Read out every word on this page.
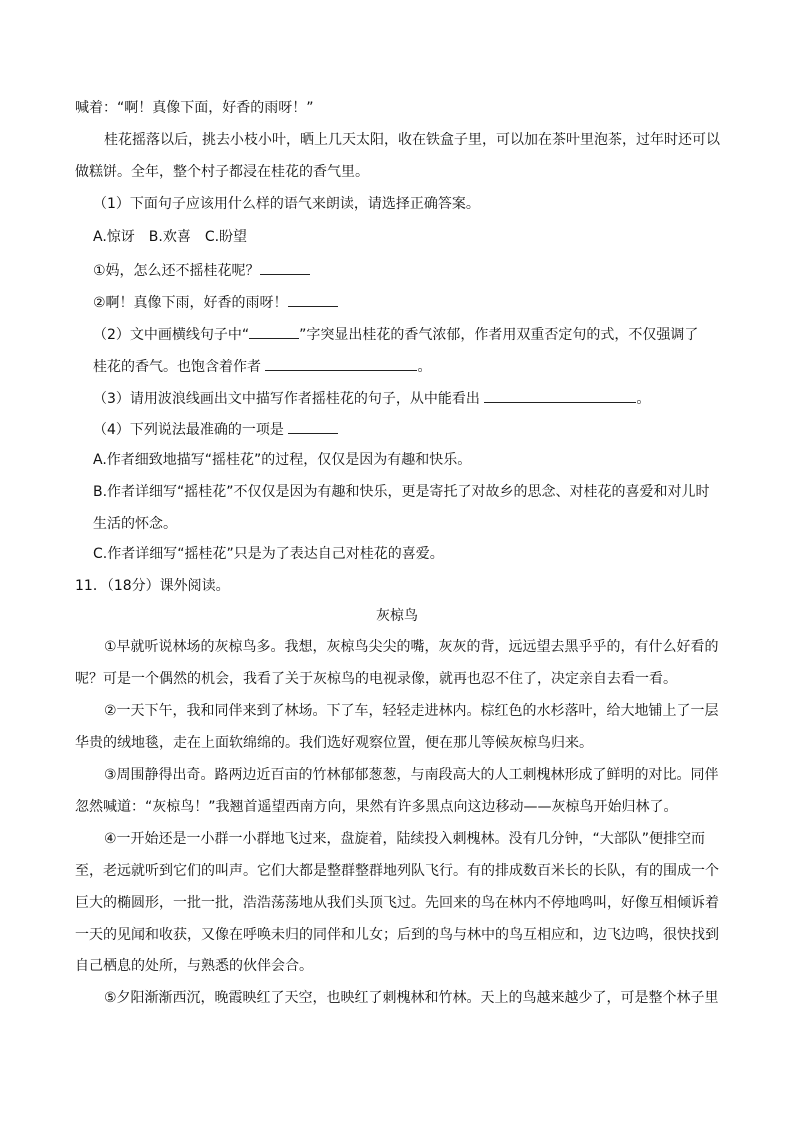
喊着：“啊！真像下面，好香的雨呀！”
桂花摇落以后，挑去小枝小叶，晒上几天太阳，收在铁盒子里，可以加在茶叶里泡茶，过年时还可以
做糕饼。全年，整个村子都浸在桂花的香气里。
（1）下面句子应该用什么样的语气来朗读，请选择正确答案。
A.惊讶　B.欢喜　C.盼望
①妈，怎么还不摇桂花呢？
②啊！真像下雨，好香的雨呀！
（2）文中画横线句子中“	”字突显出桂花的香气浓郁，作者用双重否定句的式，不仅强调了
桂花的香气。也饱含着作者	。
（3）请用波浪线画出文中描写作者摇桂花的句子，从中能看出	。
（4）下列说法最准确的一项是
A.作者细致地描写“摇桂花”的过程，仅仅是因为有趣和快乐。
B.作者详细写“摇桂花”不仅仅是因为有趣和快乐，更是寄托了对故乡的思念、对桂花的喜爱和对儿时
生活的怀念。
C.作者详细写“摇桂花”只是为了表达自己对桂花的喜爱。
11．（18分）课外阅读。
灰椋鸟
①早就听说林场的灰椋鸟多。我想，灰椋鸟尖尖的嘴，灰灰的背，远远望去黑乎乎的，有什么好看的
呢？可是一个偶然的机会，我看了关于灰椋鸟的电视录像，就再也忍不住了，决定亲自去看一看。
②一天下午，我和同伴来到了林场。下了车，轻轻走进林内。棕红色的水杉落叶，给大地铺上了一层
华贵的绒地毯，走在上面软绵绵的。我们选好观察位置，便在那儿等候灰椋鸟归来。
③周围静得出奇。路两边近百亩的竹林郁郁葱葱，与南段高大的人工刺槐林形成了鲜明的对比。同伴
忽然喊道：“灰椋鸟！”我翘首遥望西南方向，果然有许多黑点向这边移动——灰椋鸟开始归林了。
④一开始还是一小群一小群地飞过来，盘旋着，陆续投入刺槐林。没有几分钟，“大部队”便排空而
至，老远就听到它们的叫声。它们大都是整群整群地列队飞行。有的排成数百米长的长队，有的围成一个
巨大的椭圆形，一批一批，浩浩荡荡地从我们头顶飞过。先回来的鸟在林内不停地鸣叫，好像互相倾诉着
一天的见闻和收获，又像在呼唤未归的同伴和儿女；后到的鸟与林中的鸟互相应和，边飞边鸣，很快找到
自己栖息的处所，与熟悉的伙伴会合。
⑤夕阳渐渐西沉，晚霞映红了天空，也映红了刺槐林和竹林。天上的鸟越来越少了，可是整个林子里
